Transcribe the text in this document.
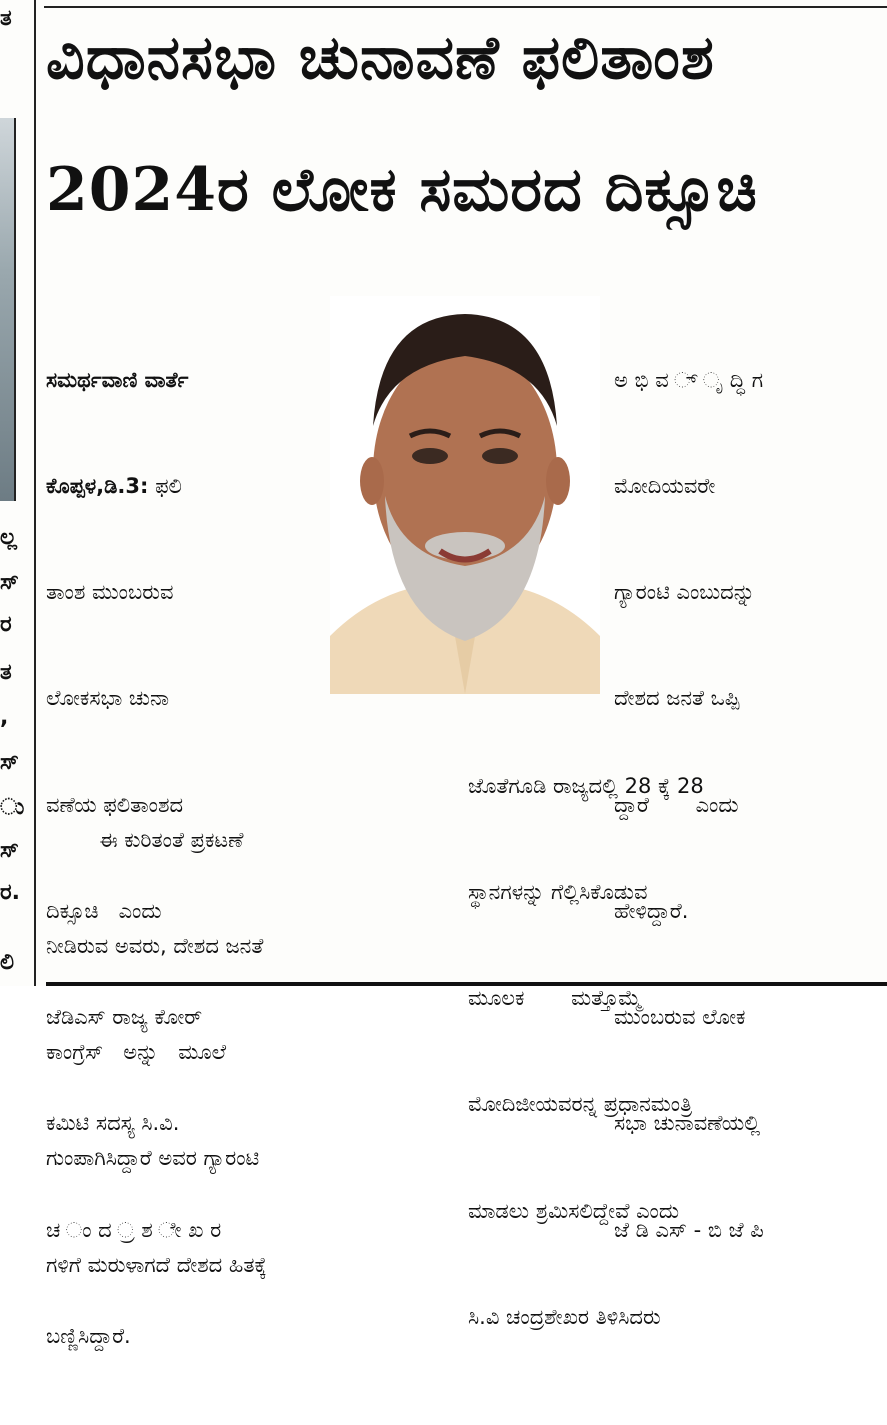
ತ
ಲ್ಲ
ಸ್
ರ
ತ
,
ಸ್
ು
ಸ್
ರ.
ಲಿ
ವಿಧಾನಸಭಾ ಚುನಾವಣೆ ಫಲಿತಾಂಶ
2024ರ ಲೋಕ ಸಮರದ ದಿಕ್ಸೂಚಿ

ಸಮರ್ಥವಾಣಿ ವಾರ್ತೆ

ಕೊಪ್ಪಳ,ಡಿ.3: ಫಲಿ

ತಾಂಶ ಮುಂಬರುವ

ಲೋಕಸಭಾ ಚುನಾ

ವಣೆಯ ಫಲಿತಾಂಶದ

ದಿಕ್ಸೂಚಿ   ಎಂದು

ಜೆಡಿಎಸ್ ರಾಜ್ಯ ಕೋರ್

ಕಮಿಟಿ ಸದಸ್ಯ ಸಿ.ವಿ.

ಚ ಂ ದ ್ರ ಶ ೇ ಖ ರ

ಬಣ್ಣಿಸಿದ್ದಾರೆ.

ಅ ಭಿ ವ ್ ೃ ದ್ಧಿ ಗ

ಮೋದಿಯವರೇ

ಗ್ಯಾರಂಟಿ ಎಂಬುದನ್ನು

ದೇಶದ ಜನತೆ ಒಪ್ಪಿ

ದ್ದಾರೆ       ಎಂದು

ಹೇಳಿದ್ದಾರೆ.

ಮುಂಬರುವ ಲೋಕ

ಸಭಾ ಚುನಾವಣೆಯಲ್ಲಿ

ಜೆ ಡಿ ಎಸ್ - ಬಿ ಜೆ ಪಿ

ಈ ಕುರಿತಂತೆ ಪ್ರಕಟಣೆ

ನೀಡಿರುವ ಅವರು, ದೇಶದ ಜನತೆ

ಕಾಂಗ್ರೆಸ್   ಅನ್ನು   ಮೂಲೆ

ಗುಂಪಾಗಿಸಿದ್ದಾರೆ ಅವರ ಗ್ಯಾರಂಟಿ

ಗಳಿಗೆ ಮರುಳಾಗದೆ ದೇಶದ ಹಿತಕ್ಕೆ

ಜೊತೆಗೂಡಿ ರಾಜ್ಯದಲ್ಲಿ 28 ಕ್ಕೆ 28

ಸ್ಥಾನಗಳನ್ನು ಗೆಲ್ಲಿಸಿಕೊಡುವ

ಮೂಲಕ       ಮತ್ತೊಮ್ಮೆ

ಮೋದಿಜೀಯವರನ್ನ ಪ್ರಧಾನಮಂತ್ರಿ

ಮಾಡಲು ಶ್ರಮಿಸಲಿದ್ದೇವೆ ಎಂದು

ಸಿ.ವಿ ಚಂದ್ರಶೇಖರ ತಿಳಿಸಿದರು
